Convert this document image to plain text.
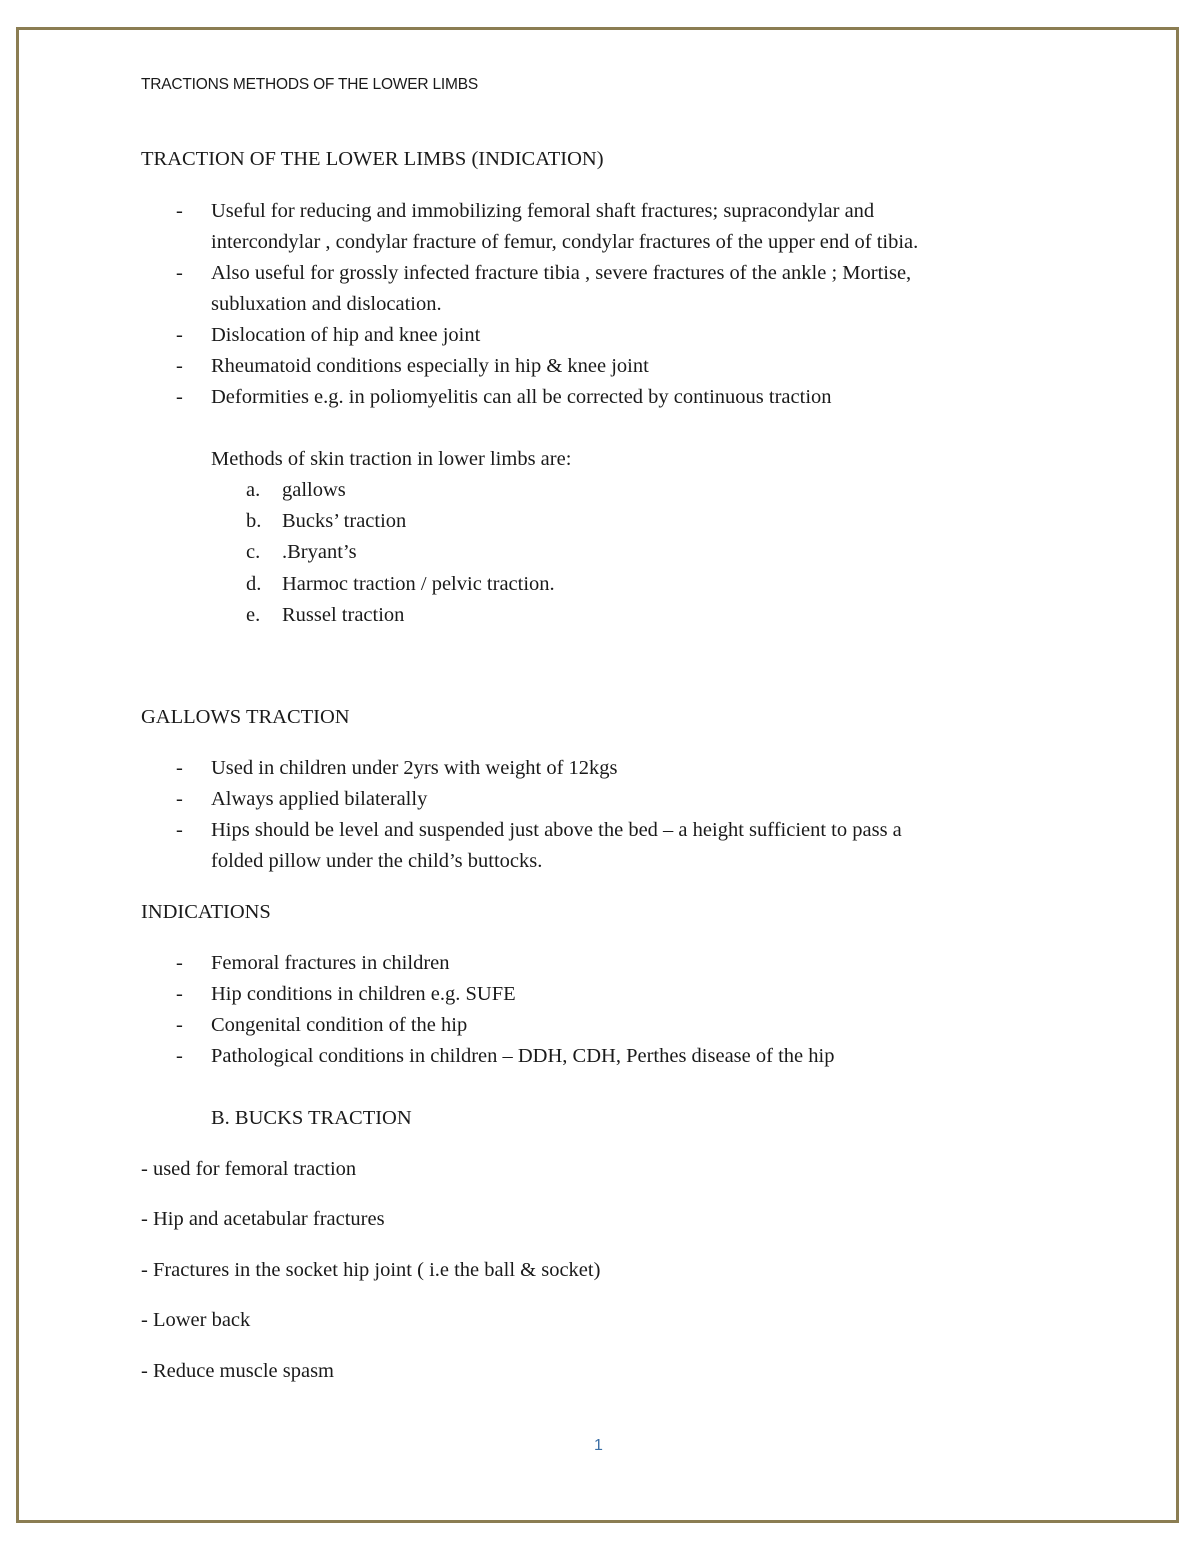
TRACTIONS METHODS OF THE LOWER LIMBS
TRACTION OF THE LOWER LIMBS (INDICATION)
- Useful for reducing and immobilizing femoral shaft fractures; supracondylar and
intercondylar , condylar fracture of femur, condylar fractures of the upper end of tibia.
- Also useful for grossly infected fracture tibia , severe fractures of the ankle ; Mortise,
subluxation and dislocation.
- Dislocation of hip and knee joint
- Rheumatoid conditions especially in hip & knee joint
- Deformities e.g. in poliomyelitis can all be corrected by continuous traction
Methods of skin traction in lower limbs are:
a. gallows
b. Bucks’ traction
c. .Bryant’s
d. Harmoc traction / pelvic traction.
e. Russel traction
GALLOWS TRACTION
- Used in children under 2yrs with weight of 12kgs
- Always applied bilaterally
- Hips should be level and suspended just above the bed – a height sufficient to pass a
folded pillow under the child’s buttocks.
INDICATIONS
- Femoral fractures in children
- Hip conditions in children e.g. SUFE
- Congenital condition of the hip
- Pathological conditions in children – DDH, CDH, Perthes disease of the hip
B. BUCKS TRACTION
- used for femoral traction
- Hip and acetabular fractures
- Fractures in the socket hip joint ( i.e the ball & socket)
- Lower back
- Reduce muscle spasm
1
